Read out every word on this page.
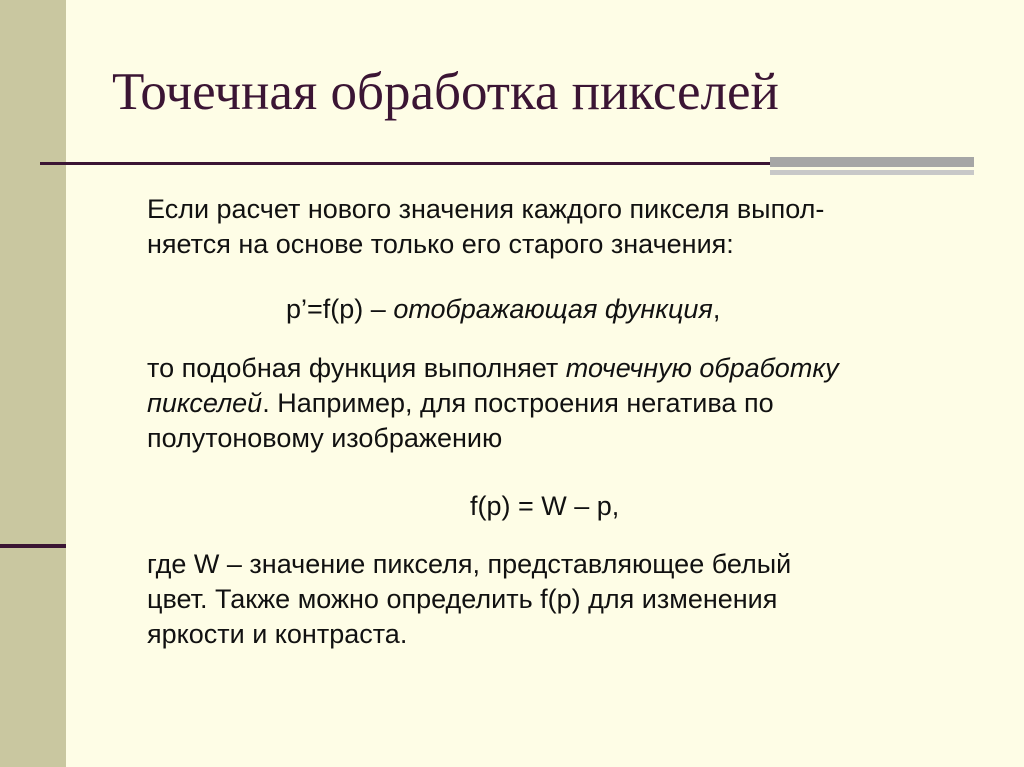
Точечная обработка пикселей

Если расчет нового значения каждого пикселя выпол-
няется на основе только его старого значения:

p’=f(p) – отображающая функция,

то подобная функция выполняет точечную обработку
пикселей. Например, для построения негатива по
полутоновому изображению

f(p) = W – p,

где W – значение пикселя, представляющее белый
цвет. Также можно определить f(p) для изменения
яркости и контраста.
